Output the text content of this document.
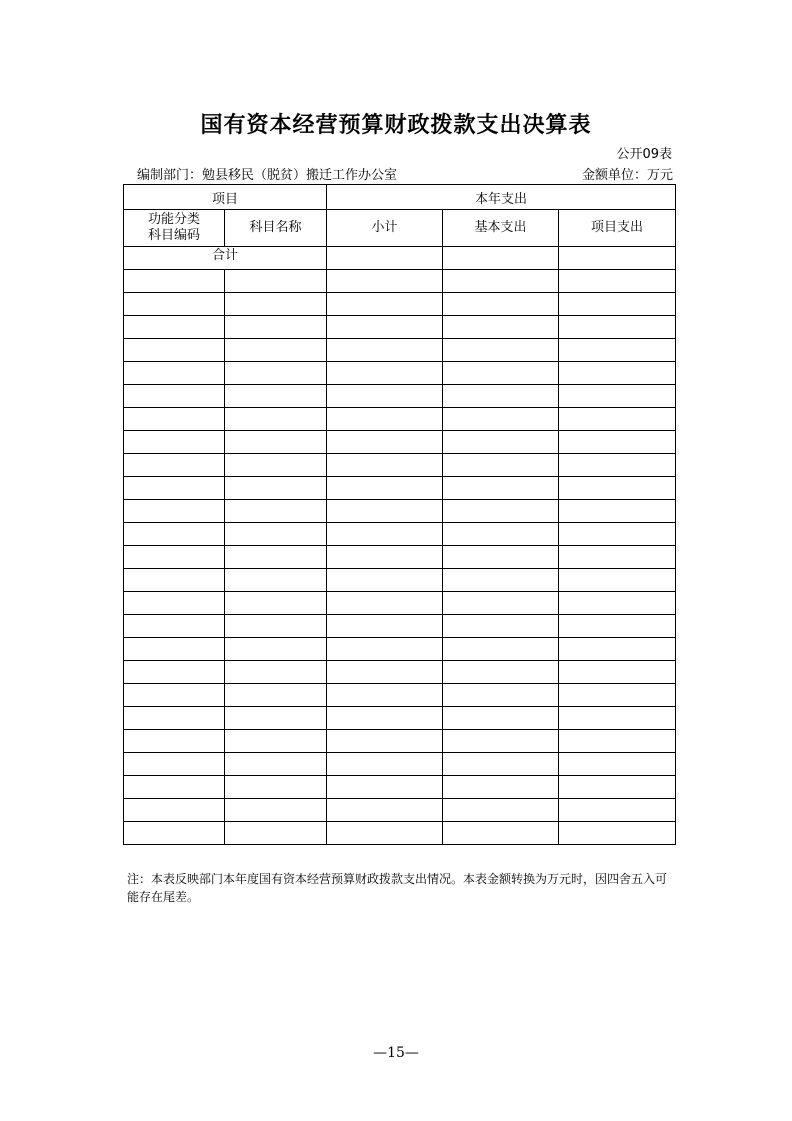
国有资本经营预算财政拨款支出决算表
公开09表
编制部门：勉县移民（脱贫）搬迁工作办公室	金额单位：万元
项目		本年支出		

功能分类
科目编码	科目名称	小计	基本支出	项目支出
合计				

注：本表反映部门本年度国有资本经营预算财政拨款支出情况。本表金额转换为万元时，因四舍五入可能存在尾差。
—15—
